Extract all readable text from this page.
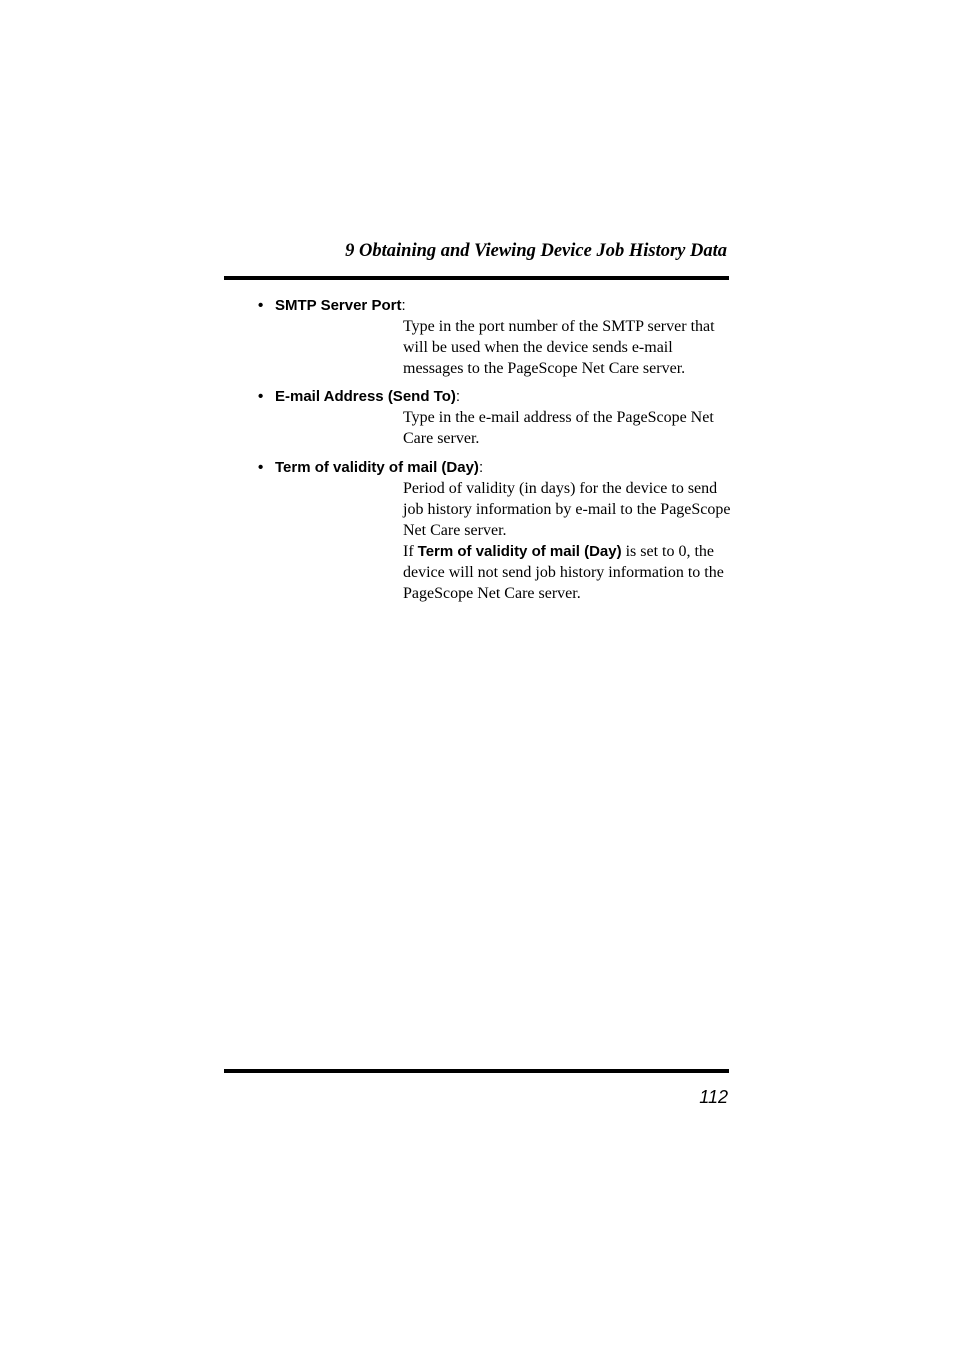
9 Obtaining and Viewing Device Job History Data
• SMTP Server Port:

Type in the port number of the SMTP server that will be used when the device sends e-mail messages to the PageScope Net Care server.

• E-mail Address (Send To):

Type in the e-mail address of the PageScope Net Care server.

• Term of validity of mail (Day):

Period of validity (in days) for the device to send job history information by e-mail to the PageScope Net Care server.

If Term of validity of mail (Day) is set to 0, the device will not send job history information to the PageScope Net Care server.

112
